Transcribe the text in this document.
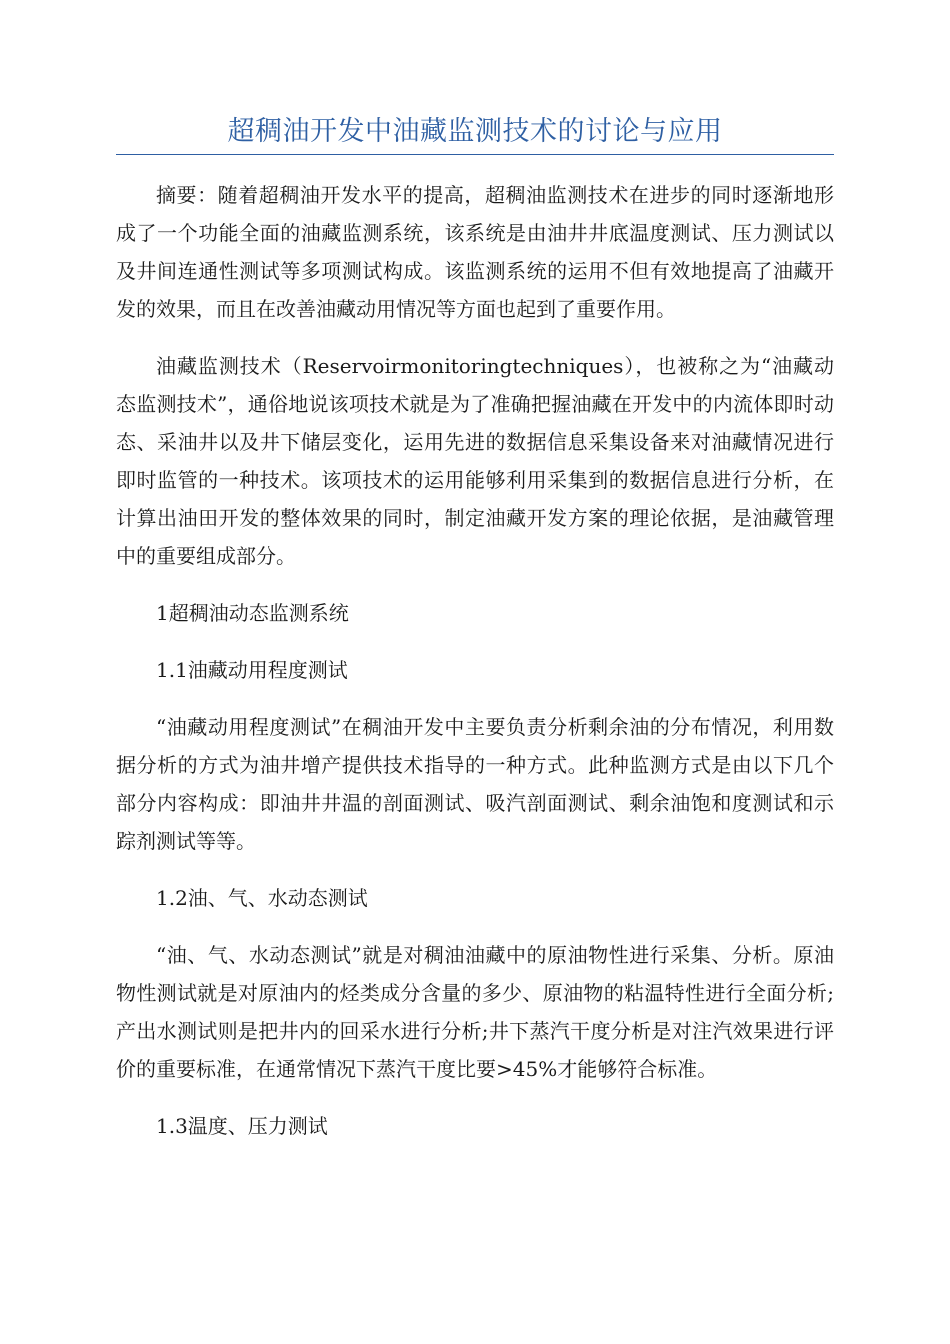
超稠油开发中油藏监测技术的讨论与应用

摘要：随着超稠油开发水平的提高，超稠油监测技术在进步的同时逐渐地形成了一个功能全面的油藏监测系统，该系统是由油井井底温度测试、压力测试以及井间连通性测试等多项测试构成。该监测系统的运用不但有效地提高了油藏开发的效果，而且在改善油藏动用情况等方面也起到了重要作用。

油藏监测技术（Reservoirmonitoringtechniques），也被称之为“油藏动态监测技术”，通俗地说该项技术就是为了准确把握油藏在开发中的内流体即时动态、采油井以及井下储层变化，运用先进的数据信息采集设备来对油藏情况进行即时监管的一种技术。该项技术的运用能够利用采集到的数据信息进行分析，在计算出油田开发的整体效果的同时，制定油藏开发方案的理论依据，是油藏管理中的重要组成部分。

1超稠油动态监测系统

1.1油藏动用程度测试

“油藏动用程度测试”在稠油开发中主要负责分析剩余油的分布情况，利用数据分析的方式为油井增产提供技术指导的一种方式。此种监测方式是由以下几个部分内容构成：即油井井温的剖面测试、吸汽剖面测试、剩余油饱和度测试和示踪剂测试等等。

1.2油、气、水动态测试

“油、气、水动态测试”就是对稠油油藏中的原油物性进行采集、分析。原油物性测试就是对原油内的烃类成分含量的多少、原油物的粘温特性进行全面分析;产出水测试则是把井内的回采水进行分析;井下蒸汽干度分析是对注汽效果进行评价的重要标准，在通常情况下蒸汽干度比要>45%才能够符合标准。

1.3温度、压力测试
